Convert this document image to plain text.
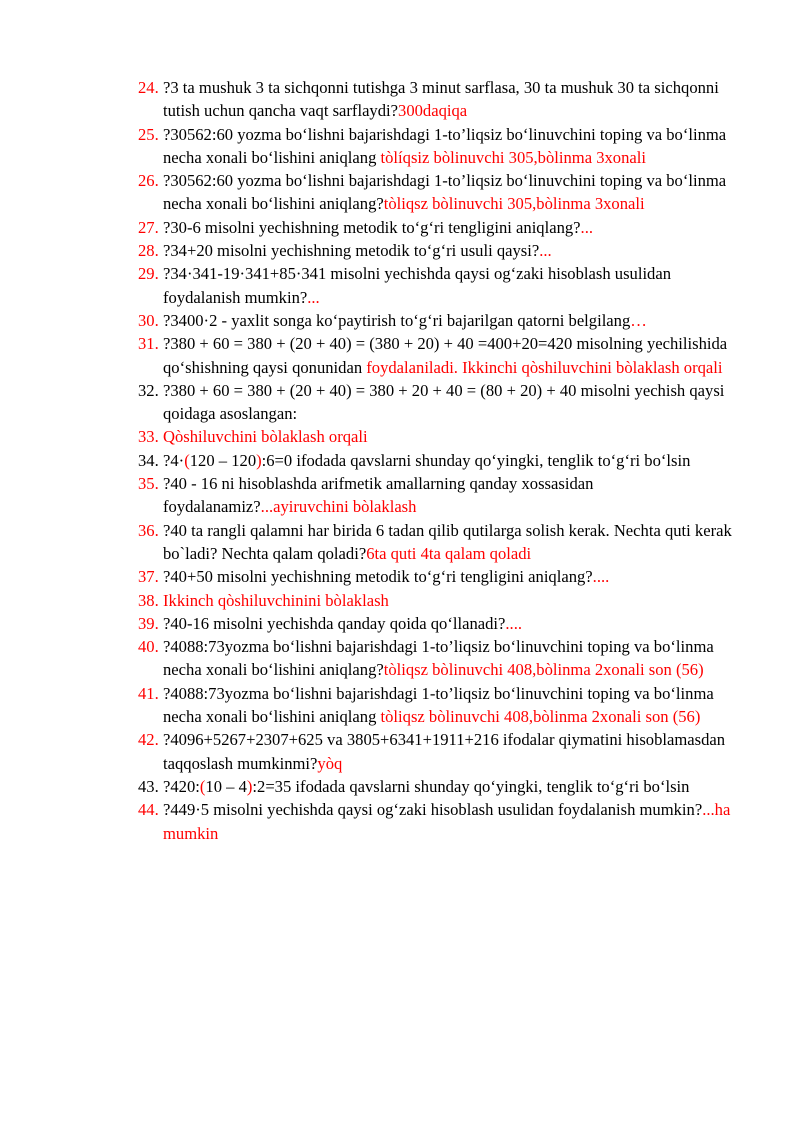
24. ?3 ta mushuk 3 ta sichqonni tutishga 3 minut sarflasa, 30 ta mushuk 30 ta sichqonni tutish uchun qancha vaqt sarflaydi?300daqiqa
25. ?30562:60 yozma bo‘lishni bajarishdagi 1-to’liqsiz bo‘linuvchini toping va bo‘linma necha xonali bo‘lishini aniqlang tòlíqsiz bòlinuvchi 305,bòlinma 3xonali
26. ?30562:60 yozma bo‘lishni bajarishdagi 1-to’liqsiz bo‘linuvchini toping va bo‘linma necha xonali bo‘lishini aniqlang?tòliqsz bòlinuvchi 305,bòlinma 3xonali
27. ?30-6 misolni yechishning metodik to‘g‘ri tengligini aniqlang?...
28. ?34+20 misolni yechishning metodik to‘g‘ri usuli qaysi?...
29. ?34·341-19·341+85·341 misolni yechishda qaysi og‘zaki hisoblash usulidan foydalanish mumkin?...
30. ?3400·2 - yaxlit songa ko‘paytirish to‘g‘ri bajarilgan qatorni belgilang…
31. ?380 + 60 = 380 + (20 + 40) = (380 + 20) + 40 =400+20=420 misolning yechilishida qo‘shishning qaysi qonunidan foydalaniladi. Ikkinchi qòshiluvchini bòlaklash orqali
32. ?380 + 60 = 380 + (20 + 40) = 380 + 20 + 40 = (80 + 20) + 40 misolni yechish qaysi qoidaga asoslangan:
33. Qòshiluvchini bòlaklash orqali
34. ?4·(120 – 120):6=0 ifodada qavslarni shunday qo‘yingki, tenglik to‘g‘ri bo‘lsin
35. ?40 - 16 ni hisoblashda arifmetik amallarning qanday xossasidan foydalanamiz?...ayiruvchini bòlaklash
36. ?40 ta rangli qalamni har birida 6 tadan qilib qutilarga solish kerak. Nechta quti kerak bo`ladi? Nechta qalam qoladi?6ta quti 4ta qalam qoladi
37. ?40+50 misolni yechishning metodik to‘g‘ri tengligini aniqlang?....
38. Ikkinch qòshiluvchinini bòlaklash
39. ?40-16 misolni yechishda qanday qoida qo‘llanadi?....
40. ?4088:73yozma bo‘lishni bajarishdagi 1-to’liqsiz bo‘linuvchini toping va bo‘linma necha xonali bo‘lishini aniqlang?tòliqsz bòlinuvchi 408,bòlinma 2xonali son (56)
41. ?4088:73yozma bo‘lishni bajarishdagi 1-to’liqsiz bo‘linuvchini toping va bo‘linma necha xonali bo‘lishini aniqlang tòliqsz bòlinuvchi 408,bòlinma 2xonali son (56)
42. ?4096+5267+2307+625 va 3805+6341+1911+216 ifodalar qiymatini hisoblamasdan taqqoslash mumkinmi?yòq
43. ?420:(10 – 4):2=35 ifodada qavslarni shunday qo‘yingki, tenglik to‘g‘ri bo‘lsin
44. ?449·5 misolni yechishda qaysi og‘zaki hisoblash usulidan foydalanish mumkin?...ha mumkin
